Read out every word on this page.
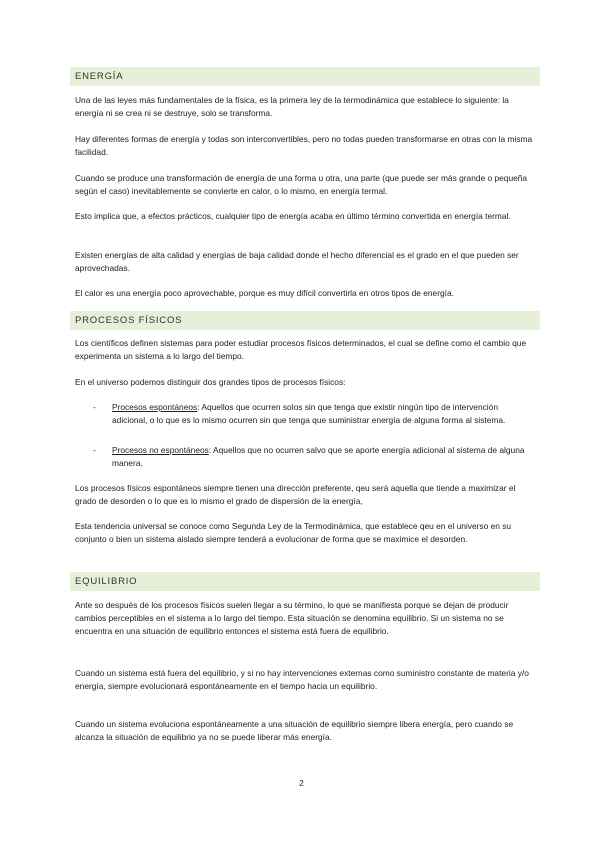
ENERGÍA

Una de las leyes más fundamentales de la física, es la primera ley de la termodinámica que establece lo siguiente: la energía ni se crea ni se destruye, solo se transforma.

Hay diferentes formas de energía y todas son interconvertibles, pero no todas pueden transformarse en otras con la misma facilidad.

Cuando se produce una transformación de energía de una forma u otra, una parte (que puede ser más grande o pequeña según el caso) inevitablemente se convierte en calor, o lo mismo, en energía termal.

Esto implica que, a efectos prácticos, cualquier tipo de energía acaba en último término convertida en energía termal.

Existen energías de alta calidad y energías de baja calidad donde el hecho diferencial es el grado en el que pueden ser aprovechadas.

El calor es una energía poco aprovechable, porque es muy difícil convertirla en otros tipos de energía.

PROCESOS FÍSICOS

Los científicos definen sistemas para poder estudiar procesos físicos determinados, el cual se define como el cambio que experimenta un sistema a lo largo del tiempo.

En el universo podemos distinguir dos grandes tipos de procesos físicos:

- Procesos espontáneos: Aquellos que ocurren solos sin que tenga que existir ningún tipo de intervención adicional, o lo que es lo mismo ocurren sin que tenga que suministrar energía de alguna forma al sistema.

- Procesos no espontáneos: Aquellos que no ocurren salvo que se aporte energía adicional al sistema de alguna manera.

Los procesos físicos espontáneos siempre tienen una dirección preferente, qeu será aquella que tiende a maximizar el grado de desorden o lo que es lo mismo el grado de dispersión de la energía,

Esta tendencia universal se conoce como Segunda Ley de la Termodinámica, que establece qeu en el universo en su conjunto o bien un sistema aislado siempre tenderá a evolucionar de forma que se maximice el desorden.

EQUILIBRIO

Ante so después de los procesos físicos suelen llegar a su término, lo que se manifiesta porque se dejan de producir cambios perceptibles en el sistema a lo largo del tiempo. Esta situación se denomina equilibrio. Si un sistema no se encuentra en una situación de equilibrio entonces el sistema está fuera de equilibrio.

Cuando un sistema está fuera del equilibrio, y si no hay intervenciones externas como suministro constante de materia y/o energía, siempre evolucionará espontáneamente en el tiempo hacia un equilibrio.

Cuando un sistema evoluciona espontáneamente a una situación de equilibrio siempre libera energía, pero cuando se alcanza la situación de equilibrio ya no se puede liberar más energía.

2
